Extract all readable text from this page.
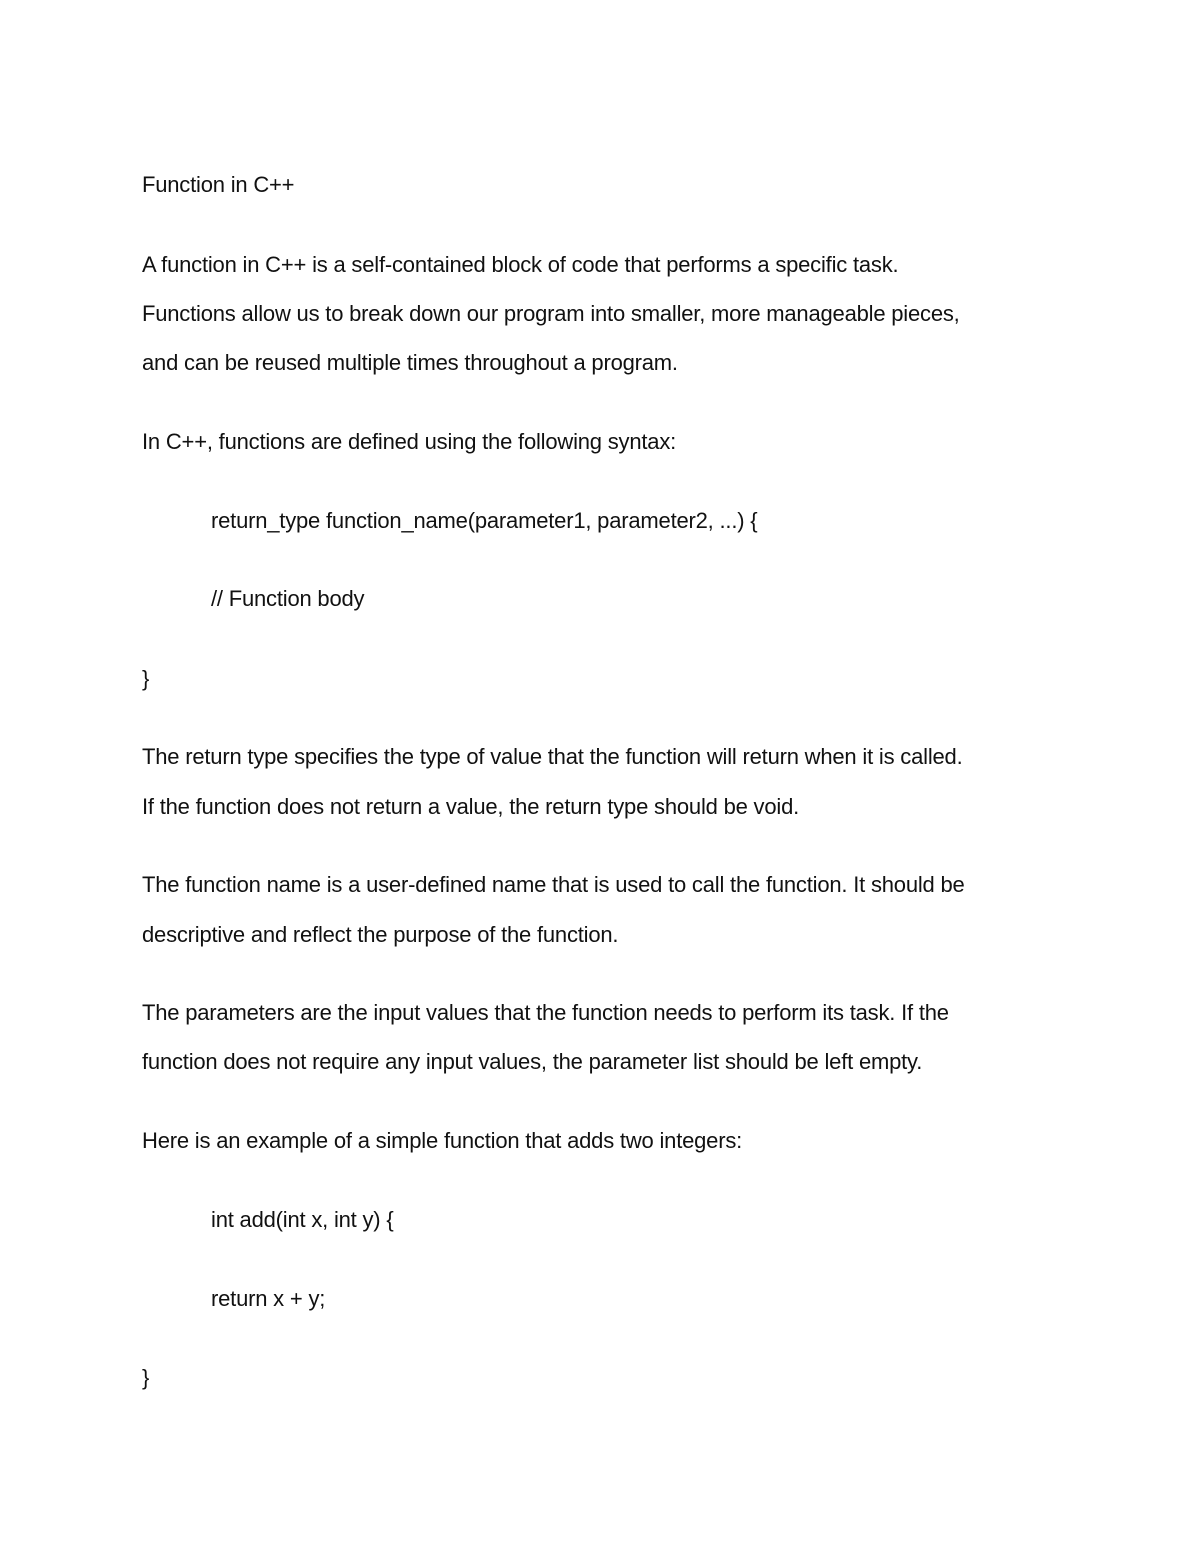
Function in C++
A function in C++ is a self-contained block of code that performs a specific task.
Functions allow us to break down our program into smaller, more manageable pieces,
and can be reused multiple times throughout a program.
In C++, functions are defined using the following syntax:
return_type function_name(parameter1, parameter2, ...) {
// Function body
}
The return type specifies the type of value that the function will return when it is called.
If the function does not return a value, the return type should be void.
The function name is a user-defined name that is used to call the function. It should be
descriptive and reflect the purpose of the function.
The parameters are the input values that the function needs to perform its task. If the
function does not require any input values, the parameter list should be left empty.
Here is an example of a simple function that adds two integers:
int add(int x, int y) {
return x + y;
}
